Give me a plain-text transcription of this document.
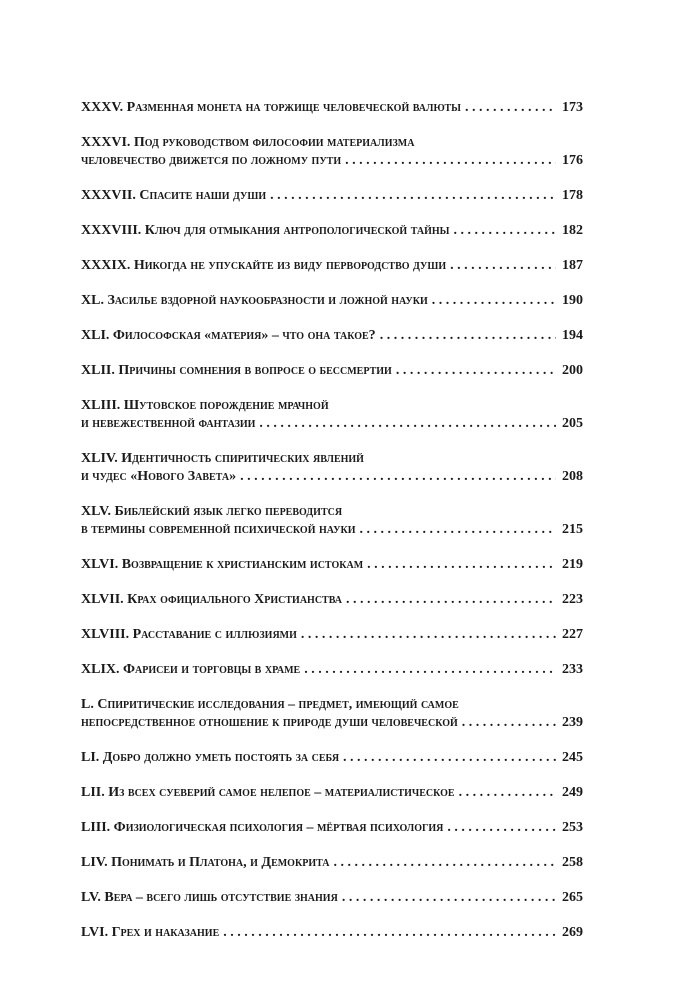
XXXV. Разменная монета на торжище человеческой валюты . . .	173
XXXVI. Под руководством философии материализма
человечество движется по ложному пути . . .	176
XXXVII. Спасите наши души . . .	178
XXXVIII. Ключ для отмыкания антропологической тайны . . .	182
XXXIX. Никогда не упускайте из виду первородство души . . .	187
XL. Засилье вздорной наукообразности и ложной науки . . .	190
XLI. Философская «материя» – что она такое? . . .	194
XLII. Причины сомнения в вопросе о бессмертии . . .	200
XLIII. Шутовское порождение мрачной
и невежественной фантазии . . .	205
XLIV. Идентичность спиритических явлений
и чудес «Нового Завета» . . .	208
XLV. Библейский язык легко переводится
в термины современной психической науки . . .	215
XLVI. Возвращение к христианским истокам . . .	219
XLVII. Крах официального Христианства . . .	223
XLVIII. Расставание с иллюзиями . . .	227
XLIX. Фарисеи и торговцы в храме . . .	233
L. Спиритические исследования – предмет, имеющий самое
непосредственное отношение к природе души человеческой . . .	239
LI. Добро должно уметь постоять за себя . . .	245
LII. Из всех суеверий самое нелепое – материалистическое . . .	249
LIII. Физиологическая психология – мёртвая психология . . .	253
LIV. Понимать и Платона, и Демокрита . . .	258
LV. Вера – всего лишь отсутствие знания . . .	265
LVI. Грех и наказание . . .	269
